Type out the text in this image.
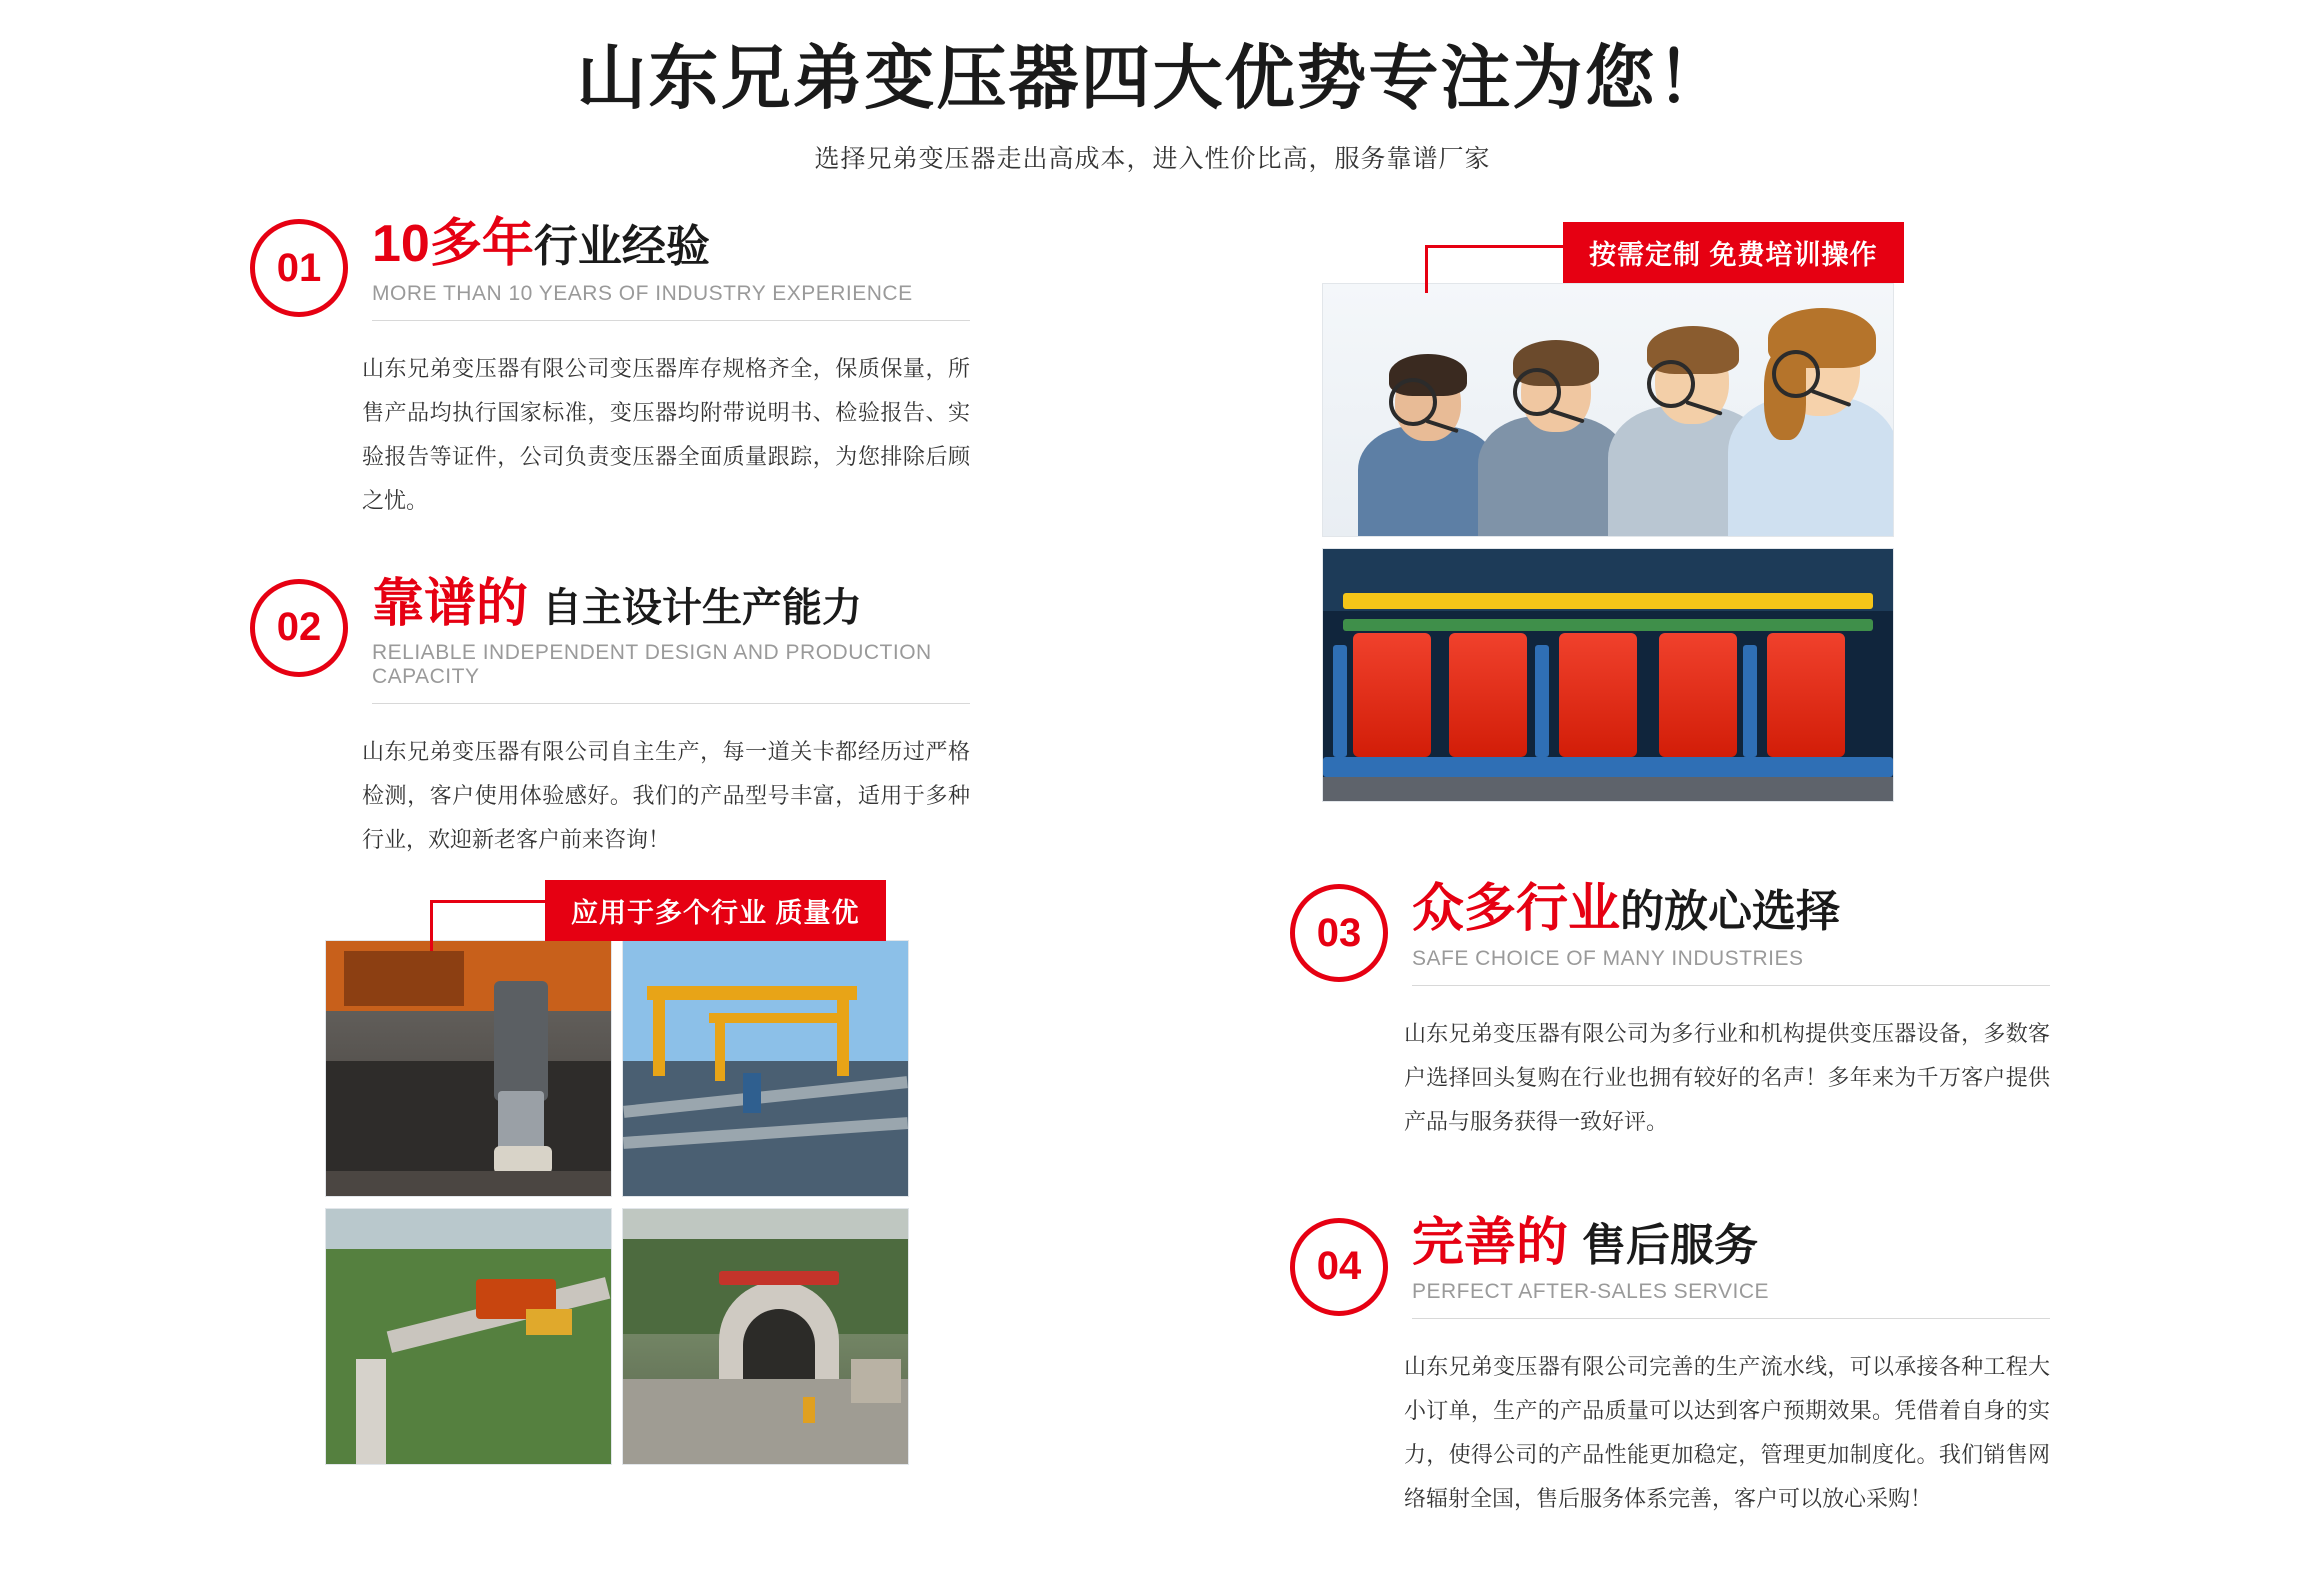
山东兄弟变压器四大优势专注为您！
选择兄弟变压器走出高成本，进入性价比高，服务靠谱厂家
01 10多年行业经验
MORE THAN 10 YEARS OF INDUSTRY EXPERIENCE
山东兄弟变压器有限公司变压器库存规格齐全，保质保量，所售产品均执行国家标准，变压器均附带说明书、检验报告、实验报告等证件，公司负责变压器全面质量跟踪，为您排除后顾之忧。
02 靠谱的 自主设计生产能力
RELIABLE INDEPENDENT DESIGN AND PRODUCTION CAPACITY
山东兄弟变压器有限公司自主生产，每一道关卡都经历过严格检测，客户使用体验感好。我们的产品型号丰富，适用于多种行业，欢迎新老客户前来咨询！
03 众多行业的放心选择
SAFE CHOICE OF MANY INDUSTRIES
山东兄弟变压器有限公司为多行业和机构提供变压器设备，多数客户选择回头复购在行业也拥有较好的名声！多年来为千万客户提供产品与服务获得一致好评。
04 完善的 售后服务
PERFECT AFTER-SALES SERVICE
山东兄弟变压器有限公司完善的生产流水线，可以承接各种工程大小订单，生产的产品质量可以达到客户预期效果。凭借着自身的实力，使得公司的产品性能更加稳定，管理更加制度化。我们销售网络辐射全国，售后服务体系完善，客户可以放心采购！
按需定制 免费培训操作
应用于多个行业 质量优
